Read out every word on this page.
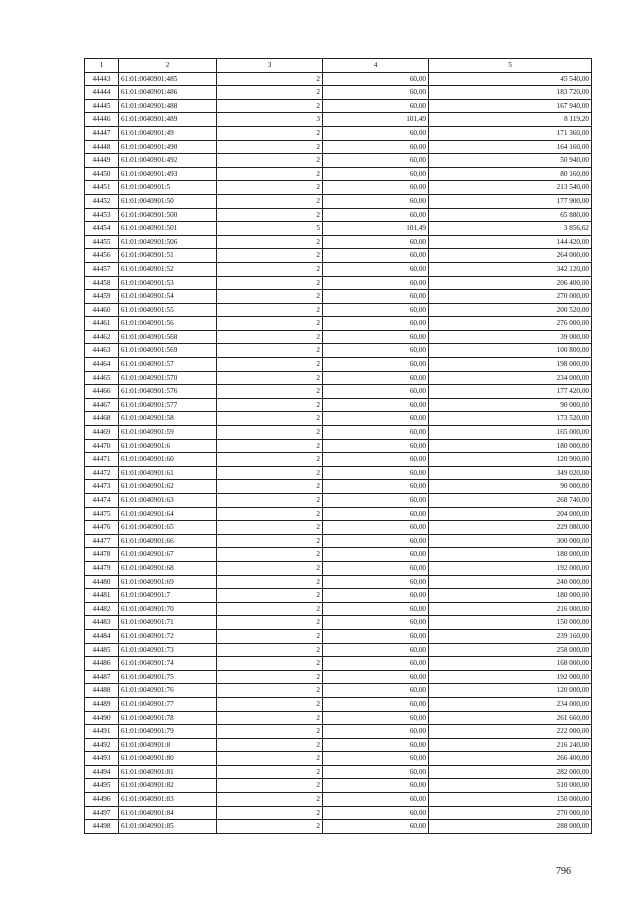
1	2	3	4	5
44443	61:01:0040901:485	2	60,00	45 540,00
44444	61:01:0040901:486	2	60,00	183 720,00
44445	61:01:0040901:488	2	60,00	167 940,00
44446	61:01:0040901:489	3	101,49	8 119,20
44447	61:01:0040901:49	2	60,00	171 360,00
44448	61:01:0040901:490	2	60,00	164 160,00
44449	61:01:0040901:492	2	60,00	50 940,00
44450	61:01:0040901:493	2	60,00	80 160,00
44451	61:01:0040901:5	2	60,00	213 540,00
44452	61:01:0040901:50	2	60,00	177 900,00
44453	61:01:0040901:500	2	60,00	65 880,00
44454	61:01:0040901:501	5	101,49	3 856,62
44455	61:01:0040901:506	2	60,00	144 420,00
44456	61:01:0040901:51	2	60,00	264 000,00
44457	61:01:0040901:52	2	60,00	342 120,00
44458	61:01:0040901:53	2	60,00	206 400,00
44459	61:01:0040901:54	2	60,00	270 000,00
44460	61:01:0040901:55	2	60,00	200 520,00
44461	61:01:0040901:56	2	60,00	276 000,00
44462	61:01:0040901:568	2	60,00	39 000,00
44463	61:01:0040901:569	2	60,00	100 800,00
44464	61:01:0040901:57	2	60,00	198 000,00
44465	61:01:0040901:570	2	60,00	234 000,00
44466	61:01:0040901:576	2	60,00	177 420,00
44467	61:01:0040901:577	2	60,00	90 000,00
44468	61:01:0040901:58	2	60,00	173 520,00
44469	61:01:0040901:59	2	60,00	165 000,00
44470	61:01:0040901:6	2	60,00	180 000,00
44471	61:01:0040901:60	2	60,00	120 900,00
44472	61:01:0040901:61	2	60,00	349 020,00
44473	61:01:0040901:62	2	60,00	90 000,00
44474	61:01:0040901:63	2	60,00	268 740,00
44475	61:01:0040901:64	2	60,00	204 000,00
44476	61:01:0040901:65	2	60,00	229 080,00
44477	61:01:0040901:66	2	60,00	300 000,00
44478	61:01:0040901:67	2	60,00	180 000,00
44479	61:01:0040901:68	2	60,00	192 000,00
44480	61:01:0040901:69	2	60,00	240 000,00
44481	61:01:0040901:7	2	60,00	180 000,00
44482	61:01:0040901:70	2	60,00	216 000,00
44483	61:01:0040901:71	2	60,00	150 000,00
44484	61:01:0040901:72	2	60,00	239 160,00
44485	61:01:0040901:73	2	60,00	258 000,00
44486	61:01:0040901:74	2	60,00	168 000,00
44487	61:01:0040901:75	2	60,00	192 000,00
44488	61:01:0040901:76	2	60,00	120 000,00
44489	61:01:0040901:77	2	60,00	234 000,00
44490	61:01:0040901:78	2	60,00	261 660,00
44491	61:01:0040901:79	2	60,00	222 000,00
44492	61:01:0040901:8	2	60,00	216 240,00
44493	61:01:0040901:80	2	60,00	266 400,00
44494	61:01:0040901:81	2	60,00	282 000,00
44495	61:01:0040901:82	2	60,00	510 000,00
44496	61:01:0040901:83	2	60,00	150 000,00
44497	61:01:0040901:84	2	60,00	270 000,00
44498	61:01:0040901:85	2	60,00	288 000,00
796
